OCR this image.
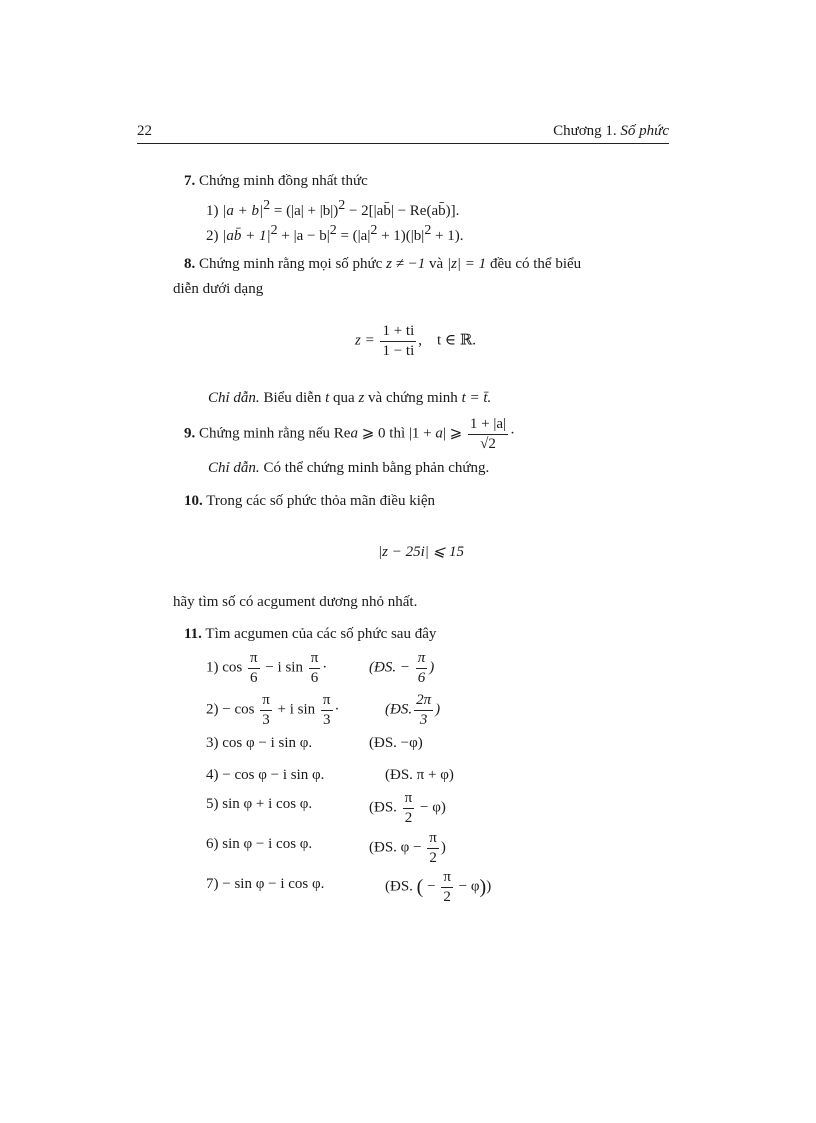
22	Chương 1. Số phức
7. Chứng minh đồng nhất thức
1) $|a + b|^2 = (|a| + |b|)^2$ − 2[|ab̄| − Re(ab̄)].
2) |ab̄ + $1|^2 + |a - b|^2 = (|a|^2 + 1)(|b|^2 + 1)$.
8. Chứng minh rằng mọi số phức z ≠ −1 và |z| = 1 đều có thể biểu
diễn dưới dạng
$z = \frac{1 + ti}{1 - ti}$ ,    t ∈ ℝ.
Chỉ dẫn. Biểu diễn t qua z và chứng minh t = t̄.
9. Chứng minh rằng nếu Rea ⩾ 0 thì |1 + a| ⩾ $\frac{1 + |a|}{√2}$ ·
Chỉ dẫn. Có thể chứng minh bằng phản chứng.
10. Trong các số phức thỏa mãn điều kiện
|z − 25i| ⩽ 15
hãy tìm số có acgument dương nhỏ nhất.
11. Tìm acgumen của các số phức sau đây
1) $\cos \frac{\pi}{6} - i$ $\sin \frac{\pi}{6}$ ·	(ĐS. − $\frac{\pi}{6}$ )
$2) - \cos \frac{\pi}{3} + i$ $\sin \frac{\pi}{3}$ ·	(ĐS. $\frac{2\pi}{3}$ )
3) cos φ − i sin φ.	(ĐS. −φ)
4) − cos φ − i sin φ.	(ĐS. π + φ)
5) sin φ + i cos φ.	(ĐS. $\frac{\pi}{2} - \varphi$)
6) sin φ − i cos φ.	(ĐS. $\varphi - \frac{\pi}{2}$ )
7) − sin φ − i cos φ.	(ĐS. ( − $\frac{\pi}{2} - \varphi$))
